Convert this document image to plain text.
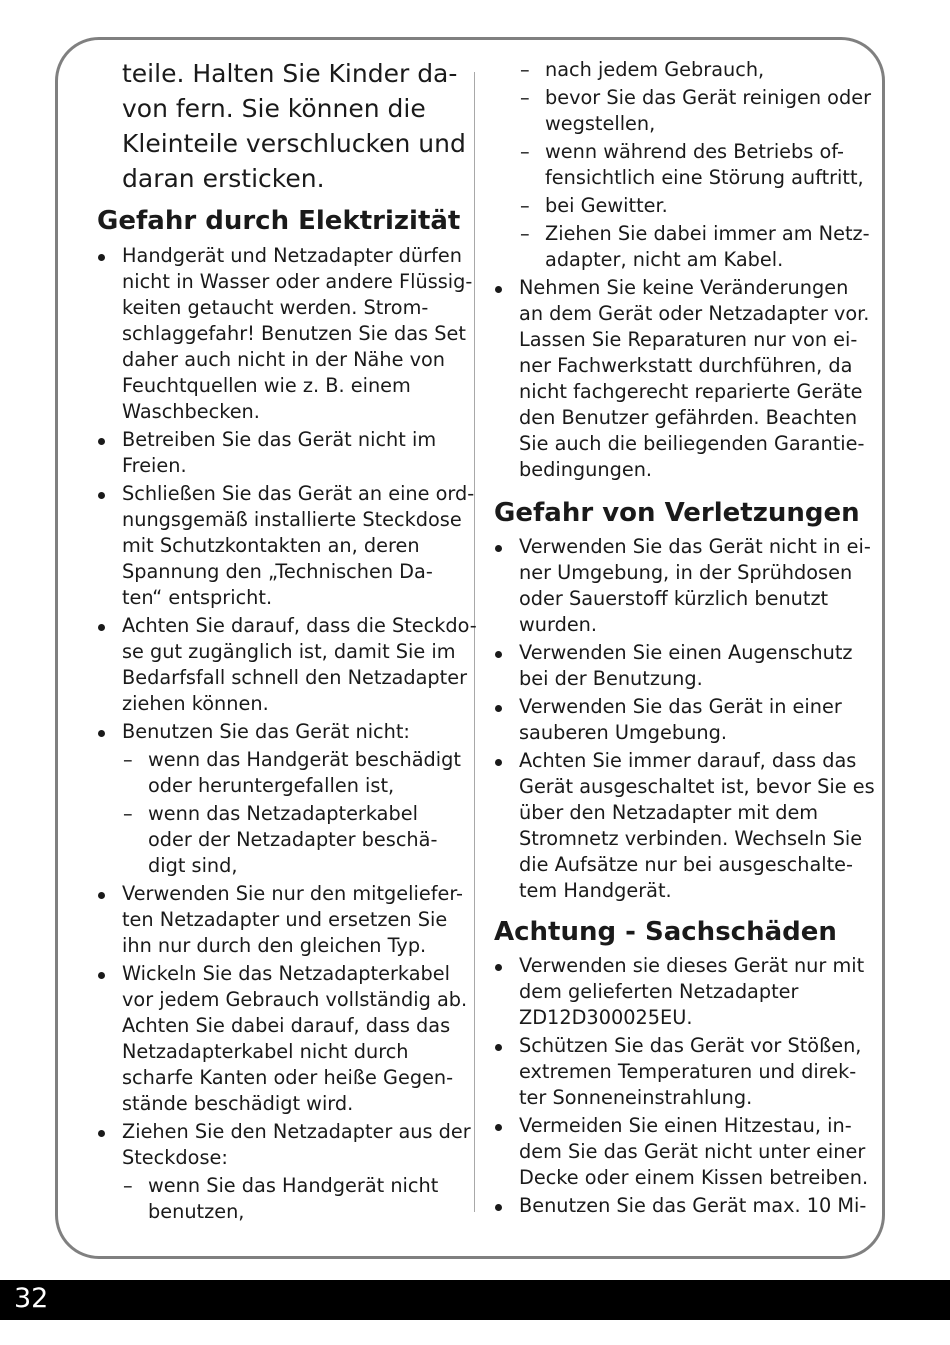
teile. Halten Sie Kinder da-
von fern. Sie können die
Kleinteile verschlucken und
daran ersticken.
Gefahr durch Elektrizität
Gefahr von Verletzungen
Achtung - Sachschäden
Handgerät und Netzadapter dürfen
nicht in Wasser oder andere Flüssig-
keiten getaucht werden. Strom-
schlaggefahr! Benutzen Sie das Set
daher auch nicht in der Nähe von
Feuchtquellen wie z. B. einem
Waschbecken.
Betreiben Sie das Gerät nicht im
Freien.
Schließen Sie das Gerät an eine ord-
nungsgemäß installierte Steckdose
mit Schutzkontakten an, deren
Spannung den „Technischen Da-
ten“ entspricht.
Achten Sie darauf, dass die Steckdo-
se gut zugänglich ist, damit Sie im
Bedarfsfall schnell den Netzadapter
ziehen können.
Benutzen Sie das Gerät nicht:
– wenn das Handgerät beschädigt
oder heruntergefallen ist,
– wenn das Netzadapterkabel
oder der Netzadapter beschä-
digt sind,
Verwenden Sie nur den mitgeliefer-
ten Netzadapter und ersetzen Sie
ihn nur durch den gleichen Typ.
Wickeln Sie das Netzadapterkabel
vor jedem Gebrauch vollständig ab.
Achten Sie dabei darauf, dass das
Netzadapterkabel nicht durch
scharfe Kanten oder heiße Gegen-
stände beschädigt wird.
Ziehen Sie den Netzadapter aus der
Steckdose:
– wenn Sie das Handgerät nicht
benutzen,
– nach jedem Gebrauch,
– bevor Sie das Gerät reinigen oder
wegstellen,
– wenn während des Betriebs of-
fensichtlich eine Störung auftritt,
– bei Gewitter.
– Ziehen Sie dabei immer am Netz-
adapter, nicht am Kabel.
Nehmen Sie keine Veränderungen
an dem Gerät oder Netzadapter vor.
Lassen Sie Reparaturen nur von ei-
ner Fachwerkstatt durchführen, da
nicht fachgerecht reparierte Geräte
den Benutzer gefährden. Beachten
Sie auch die beiliegenden Garantie-
bedingungen.
Verwenden Sie das Gerät nicht in ei-
ner Umgebung, in der Sprühdosen
oder Sauerstoff kürzlich benutzt
wurden.
Verwenden Sie einen Augenschutz
bei der Benutzung.
Verwenden Sie das Gerät in einer
sauberen Umgebung.
Achten Sie immer darauf, dass das
Gerät ausgeschaltet ist, bevor Sie es
über den Netzadapter mit dem
Stromnetz verbinden. Wechseln Sie
die Aufsätze nur bei ausgeschalte-
tem Handgerät.
Verwenden sie dieses Gerät nur mit
dem gelieferten Netzadapter
ZD12D300025EU.
Schützen Sie das Gerät vor Stößen,
extremen Temperaturen und direk-
ter Sonneneinstrahlung.
Vermeiden Sie einen Hitzestau, in-
dem Sie das Gerät nicht unter einer
Decke oder einem Kissen betreiben.
Benutzen Sie das Gerät max. 10 Mi-
32
